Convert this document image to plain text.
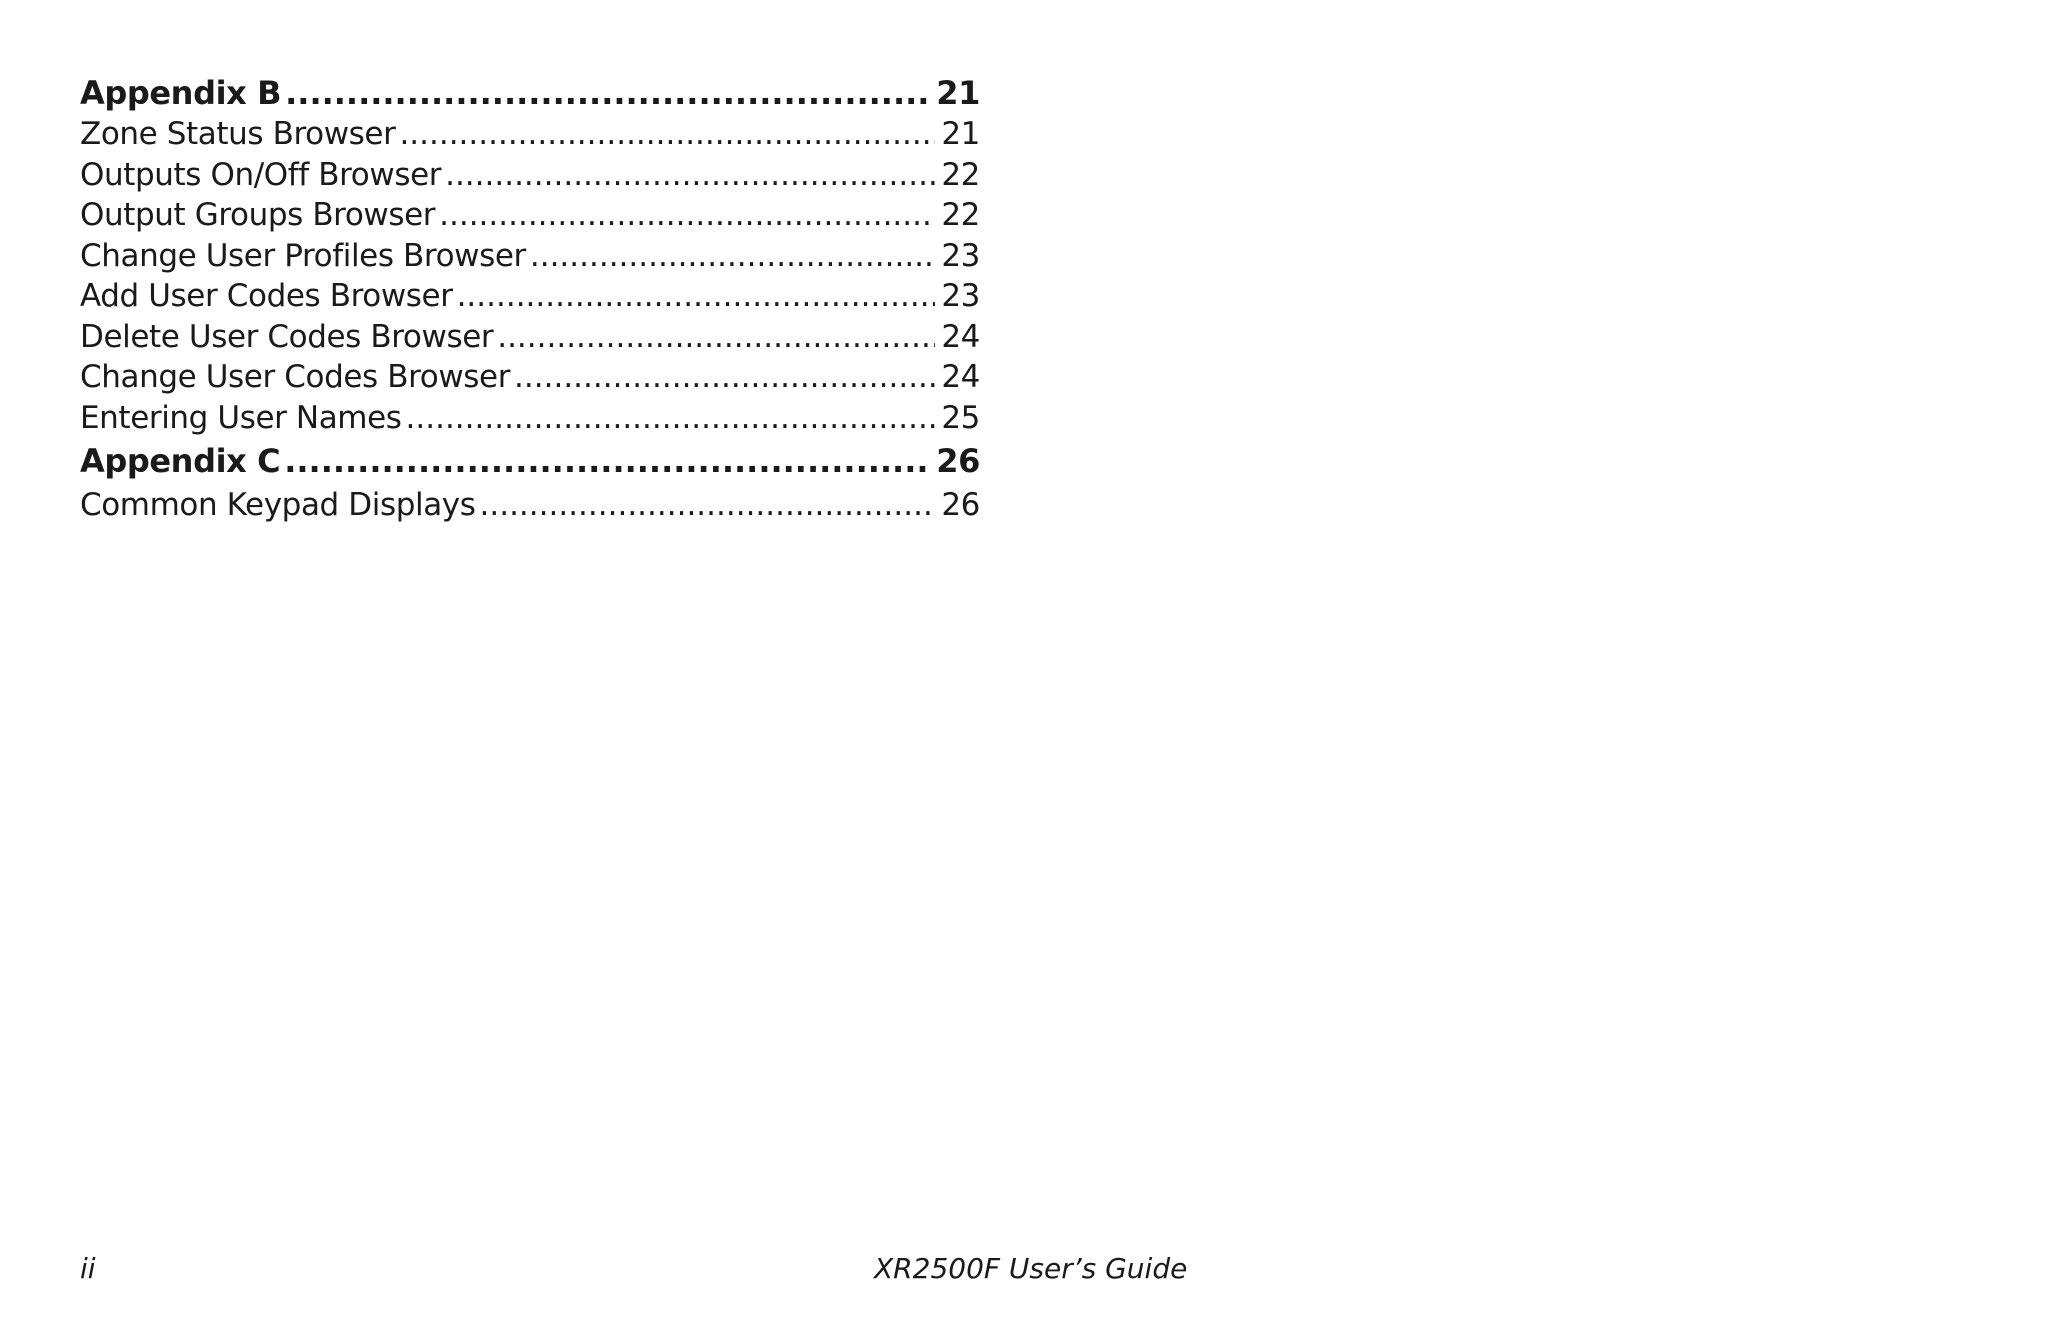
Appendix B .....	21
Zone Status Browser .....	21
Outputs On/Off Browser .....	22
Output Groups Browser .....	22
Change User Profiles Browser .....	23
Add User Codes Browser .....	23
Delete User Codes Browser .....	24
Change User Codes Browser .....	24
Entering User Names .....	25
Appendix C .....	26
Common Keypad Displays .....	26
ii	XR2500F User’s Guide
